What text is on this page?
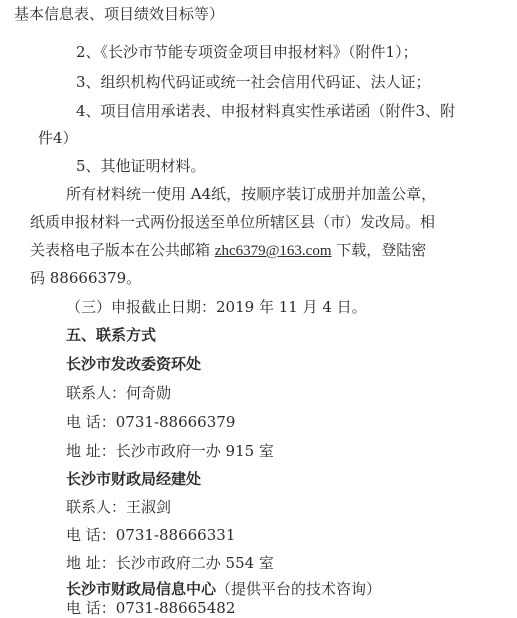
基本信息表、项目绩效目标等）
2、《长沙市节能专项资金项目申报材料》（附件1）；
3、组织机构代码证或统一社会信用代码证、法人证；
4、项目信用承诺表、申报材料真实性承诺函（附件3、附
件4）
5、其他证明材料。
所有材料统一使用 A4纸，按顺序装订成册并加盖公章，
纸质申报材料一式两份报送至单位所辖区县（市）发改局。相
关表格电子版本在公共邮箱 zhc6379@163.com 下载，登陆密
码 88666379。
（三）申报截止日期：2019 年 11 月 4 日。
五、联系方式
长沙市发改委资环处
联系人：何奇勋
电 话：0731-88666379
地 址：长沙市政府一办 915 室
长沙市财政局经建处
联系人：王淑剑
电 话：0731-88666331
地 址：长沙市政府二办 554 室
长沙市财政局信息中心（提供平台的技术咨询）
电 话：0731-88665482
